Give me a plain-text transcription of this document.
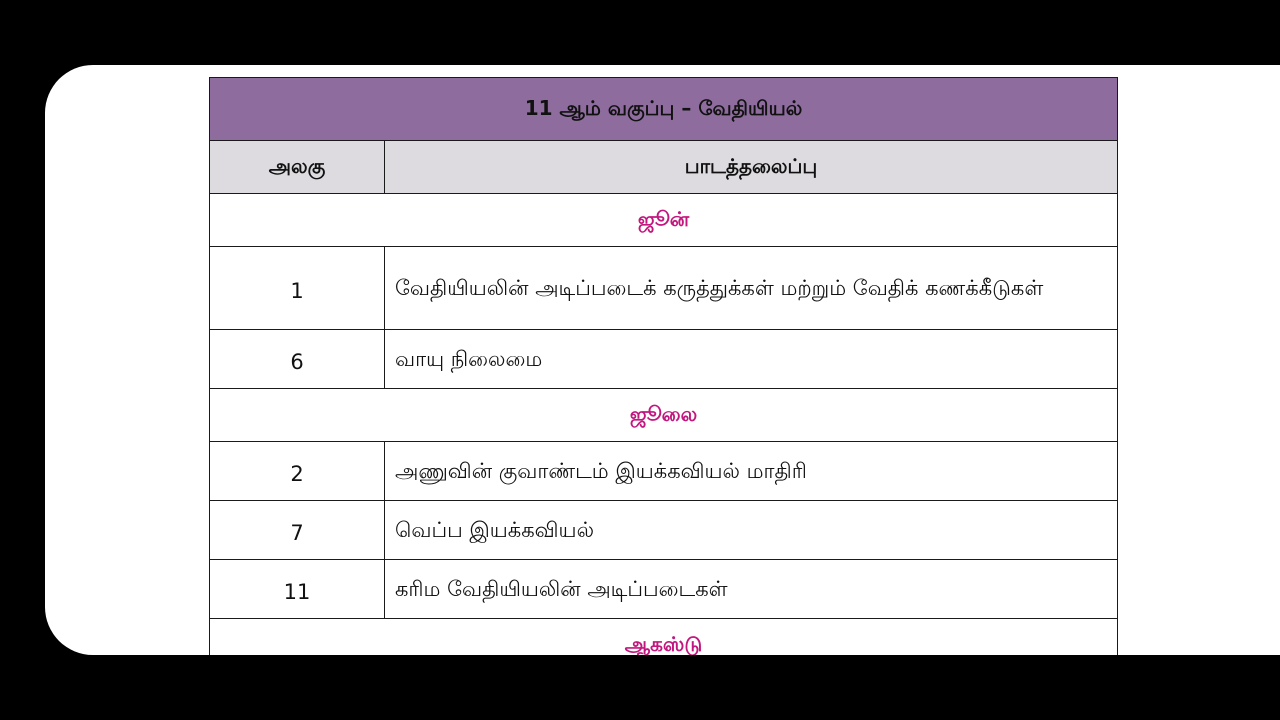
11 ஆம் வகுப்பு – வேதியியல்	
அலகு	பாடத்தலைப்பு
ஜூன்	
1	வேதியியலின் அடிப்படைக் கருத்துக்கள் மற்றும் வேதிக் கணக்கீடுகள்
6	வாயு நிலைமை
ஜூலை	
2	அணுவின் குவாண்டம் இயக்கவியல் மாதிரி
7	வெப்ப இயக்கவியல்
11	கரிம வேதியியலின் அடிப்படைகள்
ஆகஸ்டு	
